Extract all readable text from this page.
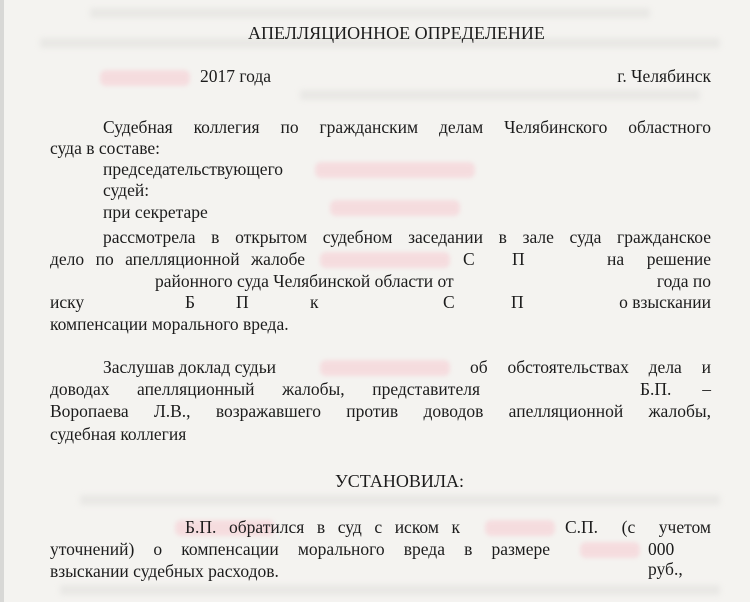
АПЕЛЛЯЦИОННОЕ ОПРЕДЕЛЕНИЕ
2017 года	г. Челябинск
Судебная коллегия по гражданским делам Челябинского областного
суда в составе:
председательствующего
судей:
при секретаре
рассмотрела в открытом судебном заседании в зале суда гражданское
дело по апелляционной жалобе	С П	на решение
районного суда Челябинской области от	года по
иску	Б П	к	С	П	о взыскании
компенсации морального вреда.
Заслушав доклад судьи	об обстоятельствах дела и
доводах апелляционный жалобы, представителя	Б.П. –
Воропаева Л.В., возражавшего против доводов апелляционной жалобы,
судебная коллегия
УСТАНОВИЛА:
Б.П. обратился в суд с иском к	С.П. (с учетом
уточнений) о компенсации морального вреда в размере	000 руб.,
взыскании судебных расходов.
